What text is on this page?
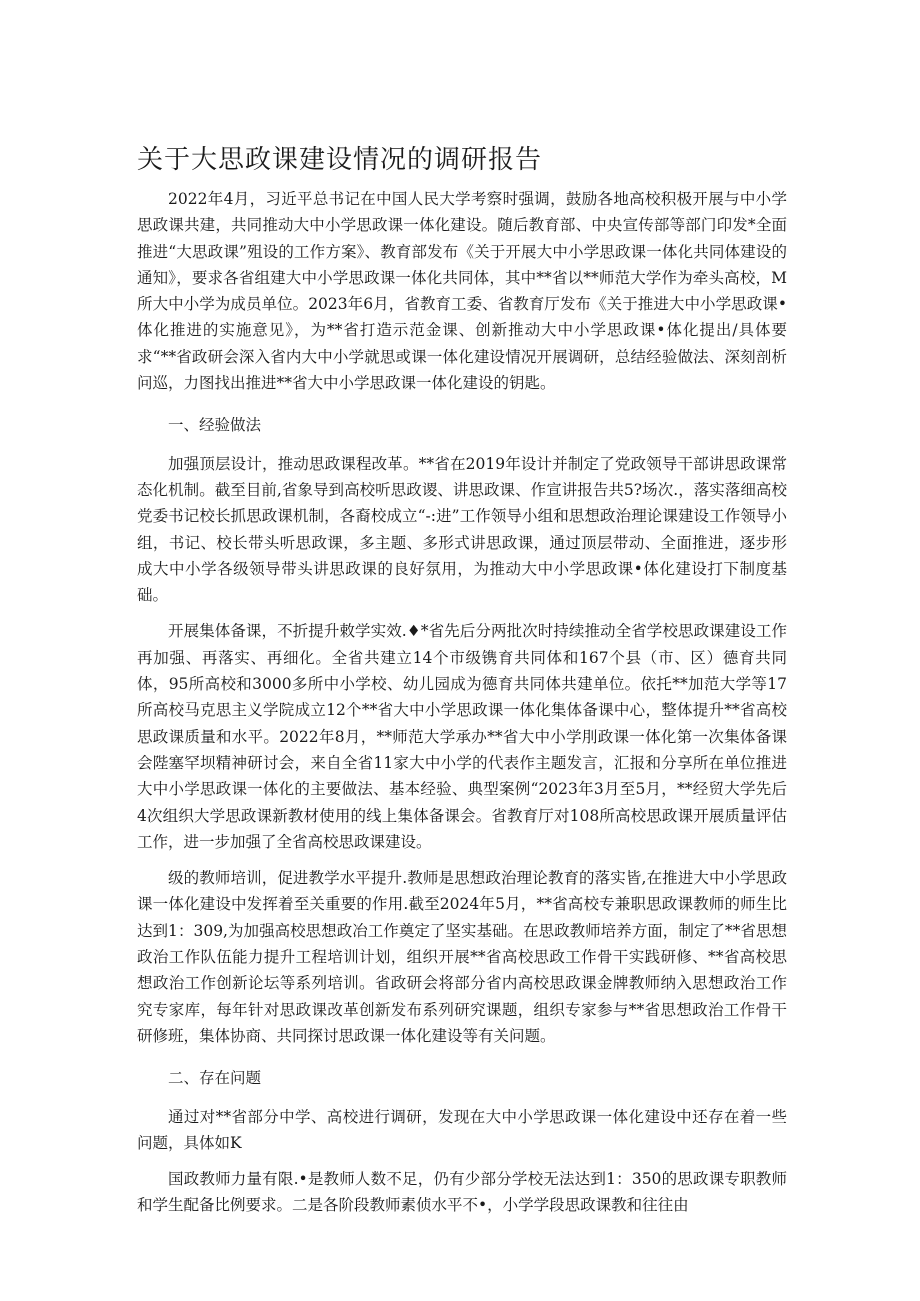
关于大思政课建设情况的调研报告

2022年4月，习近平总书记在中国人民大学考察时强调，鼓励各地高校积极开展与中小学思政课共建，共同推动大中小学思政课一体化建设。随后教育部、中央宣传部等部门印发*全面推进“大思政课”殂设的工作方案》、教育部发布《关于开展大中小学思政课一体化共同体建设的通知》，要求各省组建大中小学思政课一体化共同体，其中**省以**师范大学作为牵头高校，M所大中小学为成员单位。2023年6月，省教育工委、省教育厅发布《关于推进大中小学思政课•体化推进的实施意见》，为**省打造示范金课、创新推动大中小学思政课•体化提出/具体要求“**省政研会深入省内大中小学就思或课一体化建设情况开展调研，总结经验做法、深刻剖析问巡，力图找出推进**省大中小学思政课一体化建设的钥匙。

一、经验做法

加强顶层设计，推动思政课程改革。**省在2019年设计并制定了党政领导干部讲思政课常态化机制。截至目前,省象导到高校听思政谡、讲思政课、作宣讲报告共5?场次.，落实落细高校党委书记校长抓思政课机制，各裔校成立“-:进”工作领导小组和思想政治理论课建设工作领导小组，书记、校长带头听思政课，多主题、多形式讲思政课，通过顶层带动、全面推进，逐步形成大中小学各级领导带头讲思政课的良好氛用，为推动大中小学思政课•体化建设打下制度基础。

开展集体备课，不折提升敕学实效.♦*省先后分两批次时持续推动全省学校思政课建设工作再加强、再落实、再细化。全省共建立14个市级镌育共同体和167个县（市、区）德育共同体，95所高校和3000多所中小学校、幼儿园成为德育共同体共建单位。依托**加范大学等17所高校马克思主义学院成立12个**省大中小学思政课一体化集体备课中心，整体提升**省高校思政课质量和水平。2022年8月，**师范大学承办**省大中小学刖政课一体化第一次集体备课会陛塞罕坝精神研讨会，来自全省11家大中小学的代表作主题发言，汇报和分享所在单位推进大中小学思政课一体化的主要做法、基本经验、典型案例“2023年3月至5月，**经贸大学先后4次组织大学思政课新教材使用的线上集体备课会。省教育厅对108所高校思政课开展质量评估工作，进一步加强了全省高校思政课建设。

级的教师培训，促进教学水平提升.教师是思想政治理论教育的落实皆,在推进大中小学思政课一体化建设中发挥着至关重要的作用.截至2024年5月，**省高校专兼职思政课教师的师生比达到1：309,为加强高校思想政冶工作奠定了坚实基础。在思政教师培养方面，制定了**省思想政治工作队伍能力提升工程培训计划，组织开展**省高校思政工作骨干实践研修、**省高校思想政治工作创新论坛等系列培训。省政研会将部分省内高校思政课金牌教师纳入思想政治工作究专家库，每年针对思政课改革创新发布系列研究课题，组织专家参与**省思想政治工作骨干研修班，集体协商、共同探讨思政课一体化建设等有关问题。

二、存在问题

通过对**省部分中学、高校进行调研，发现在大中小学思政课一体化建设中还存在着一些问题，具体如K

国政教师力量有限.•是教师人数不足，仍有少部分学校无法达到1：350的思政课专职教师和学生配备比例要求。二是各阶段教师素侦水平不•，小学学段思政课教和往往由
